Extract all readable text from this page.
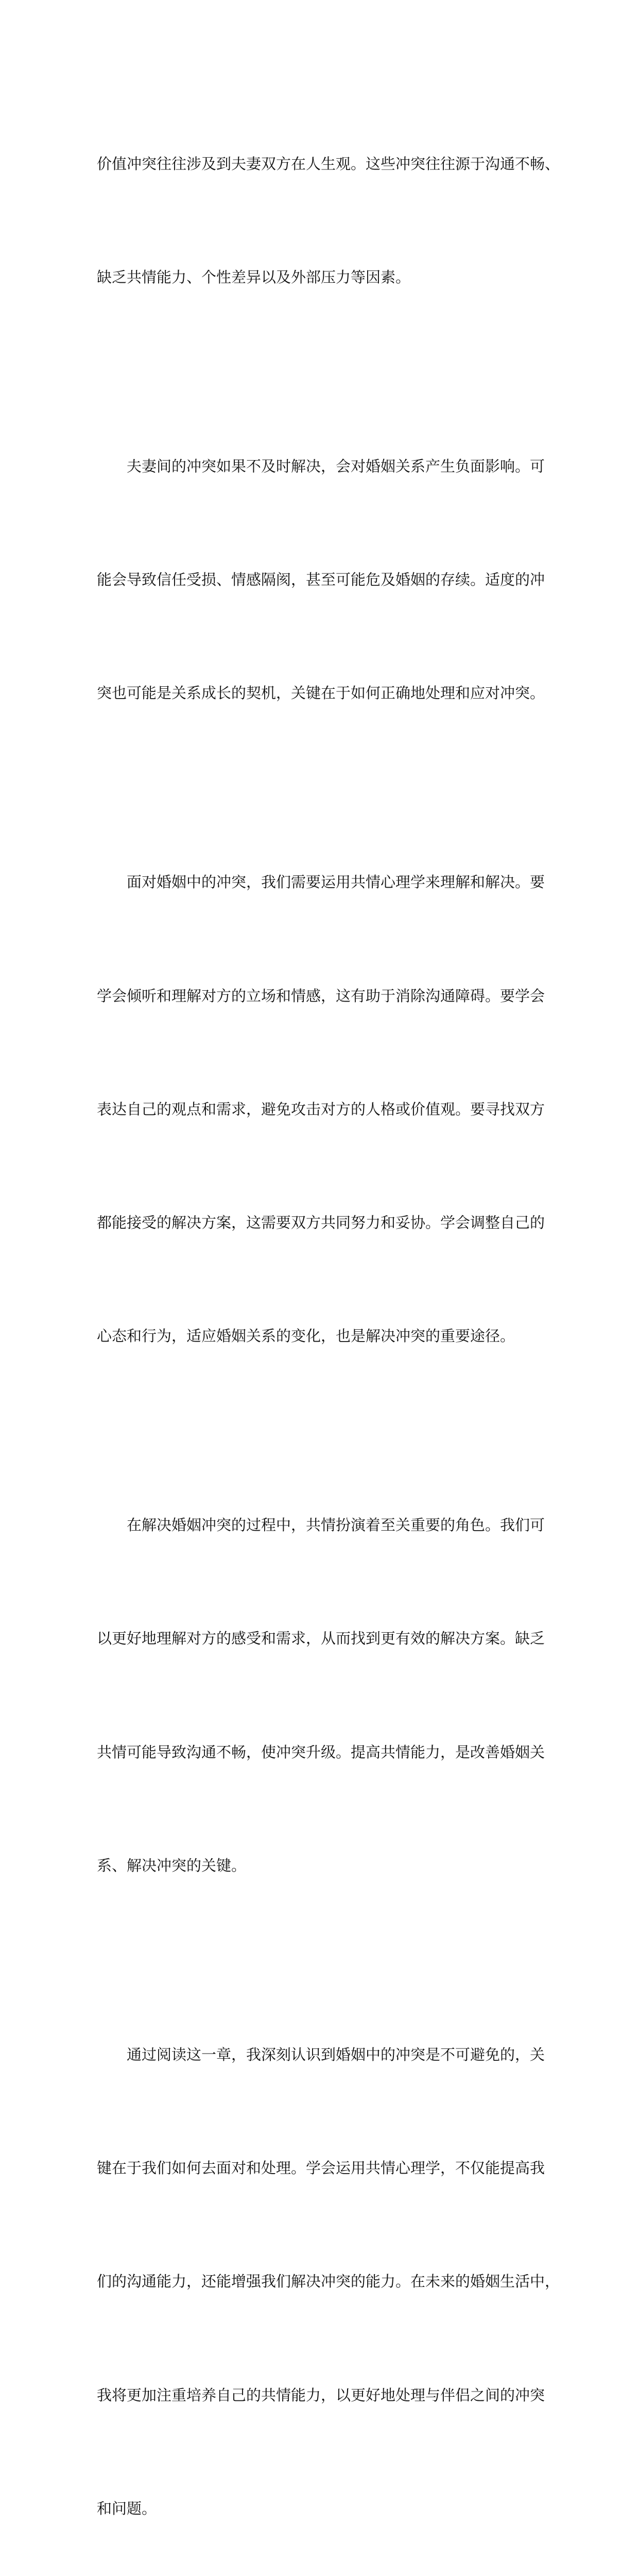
价值冲突往往涉及到夫妻双方在人生观。这些冲突往往源于沟通不畅、

缺乏共情能力、个性差异以及外部压力等因素。

夫妻间的冲突如果不及时解决，会对婚姻关系产生负面影响。可

能会导致信任受损、情感隔阂，甚至可能危及婚姻的存续。适度的冲

突也可能是关系成长的契机，关键在于如何正确地处理和应对冲突。

面对婚姻中的冲突，我们需要运用共情心理学来理解和解决。要

学会倾听和理解对方的立场和情感，这有助于消除沟通障碍。要学会

表达自己的观点和需求，避免攻击对方的人格或价值观。要寻找双方

都能接受的解决方案，这需要双方共同努力和妥协。学会调整自己的

心态和行为，适应婚姻关系的变化，也是解决冲突的重要途径。

在解决婚姻冲突的过程中，共情扮演着至关重要的角色。我们可

以更好地理解对方的感受和需求，从而找到更有效的解决方案。缺乏

共情可能导致沟通不畅，使冲突升级。提高共情能力，是改善婚姻关

系、解决冲突的关键。

通过阅读这一章，我深刻认识到婚姻中的冲突是不可避免的，关

键在于我们如何去面对和处理。学会运用共情心理学，不仅能提高我

们的沟通能力，还能增强我们解决冲突的能力。在未来的婚姻生活中，

我将更加注重培养自己的共情能力，以更好地处理与伴侣之间的冲突

和问题。
